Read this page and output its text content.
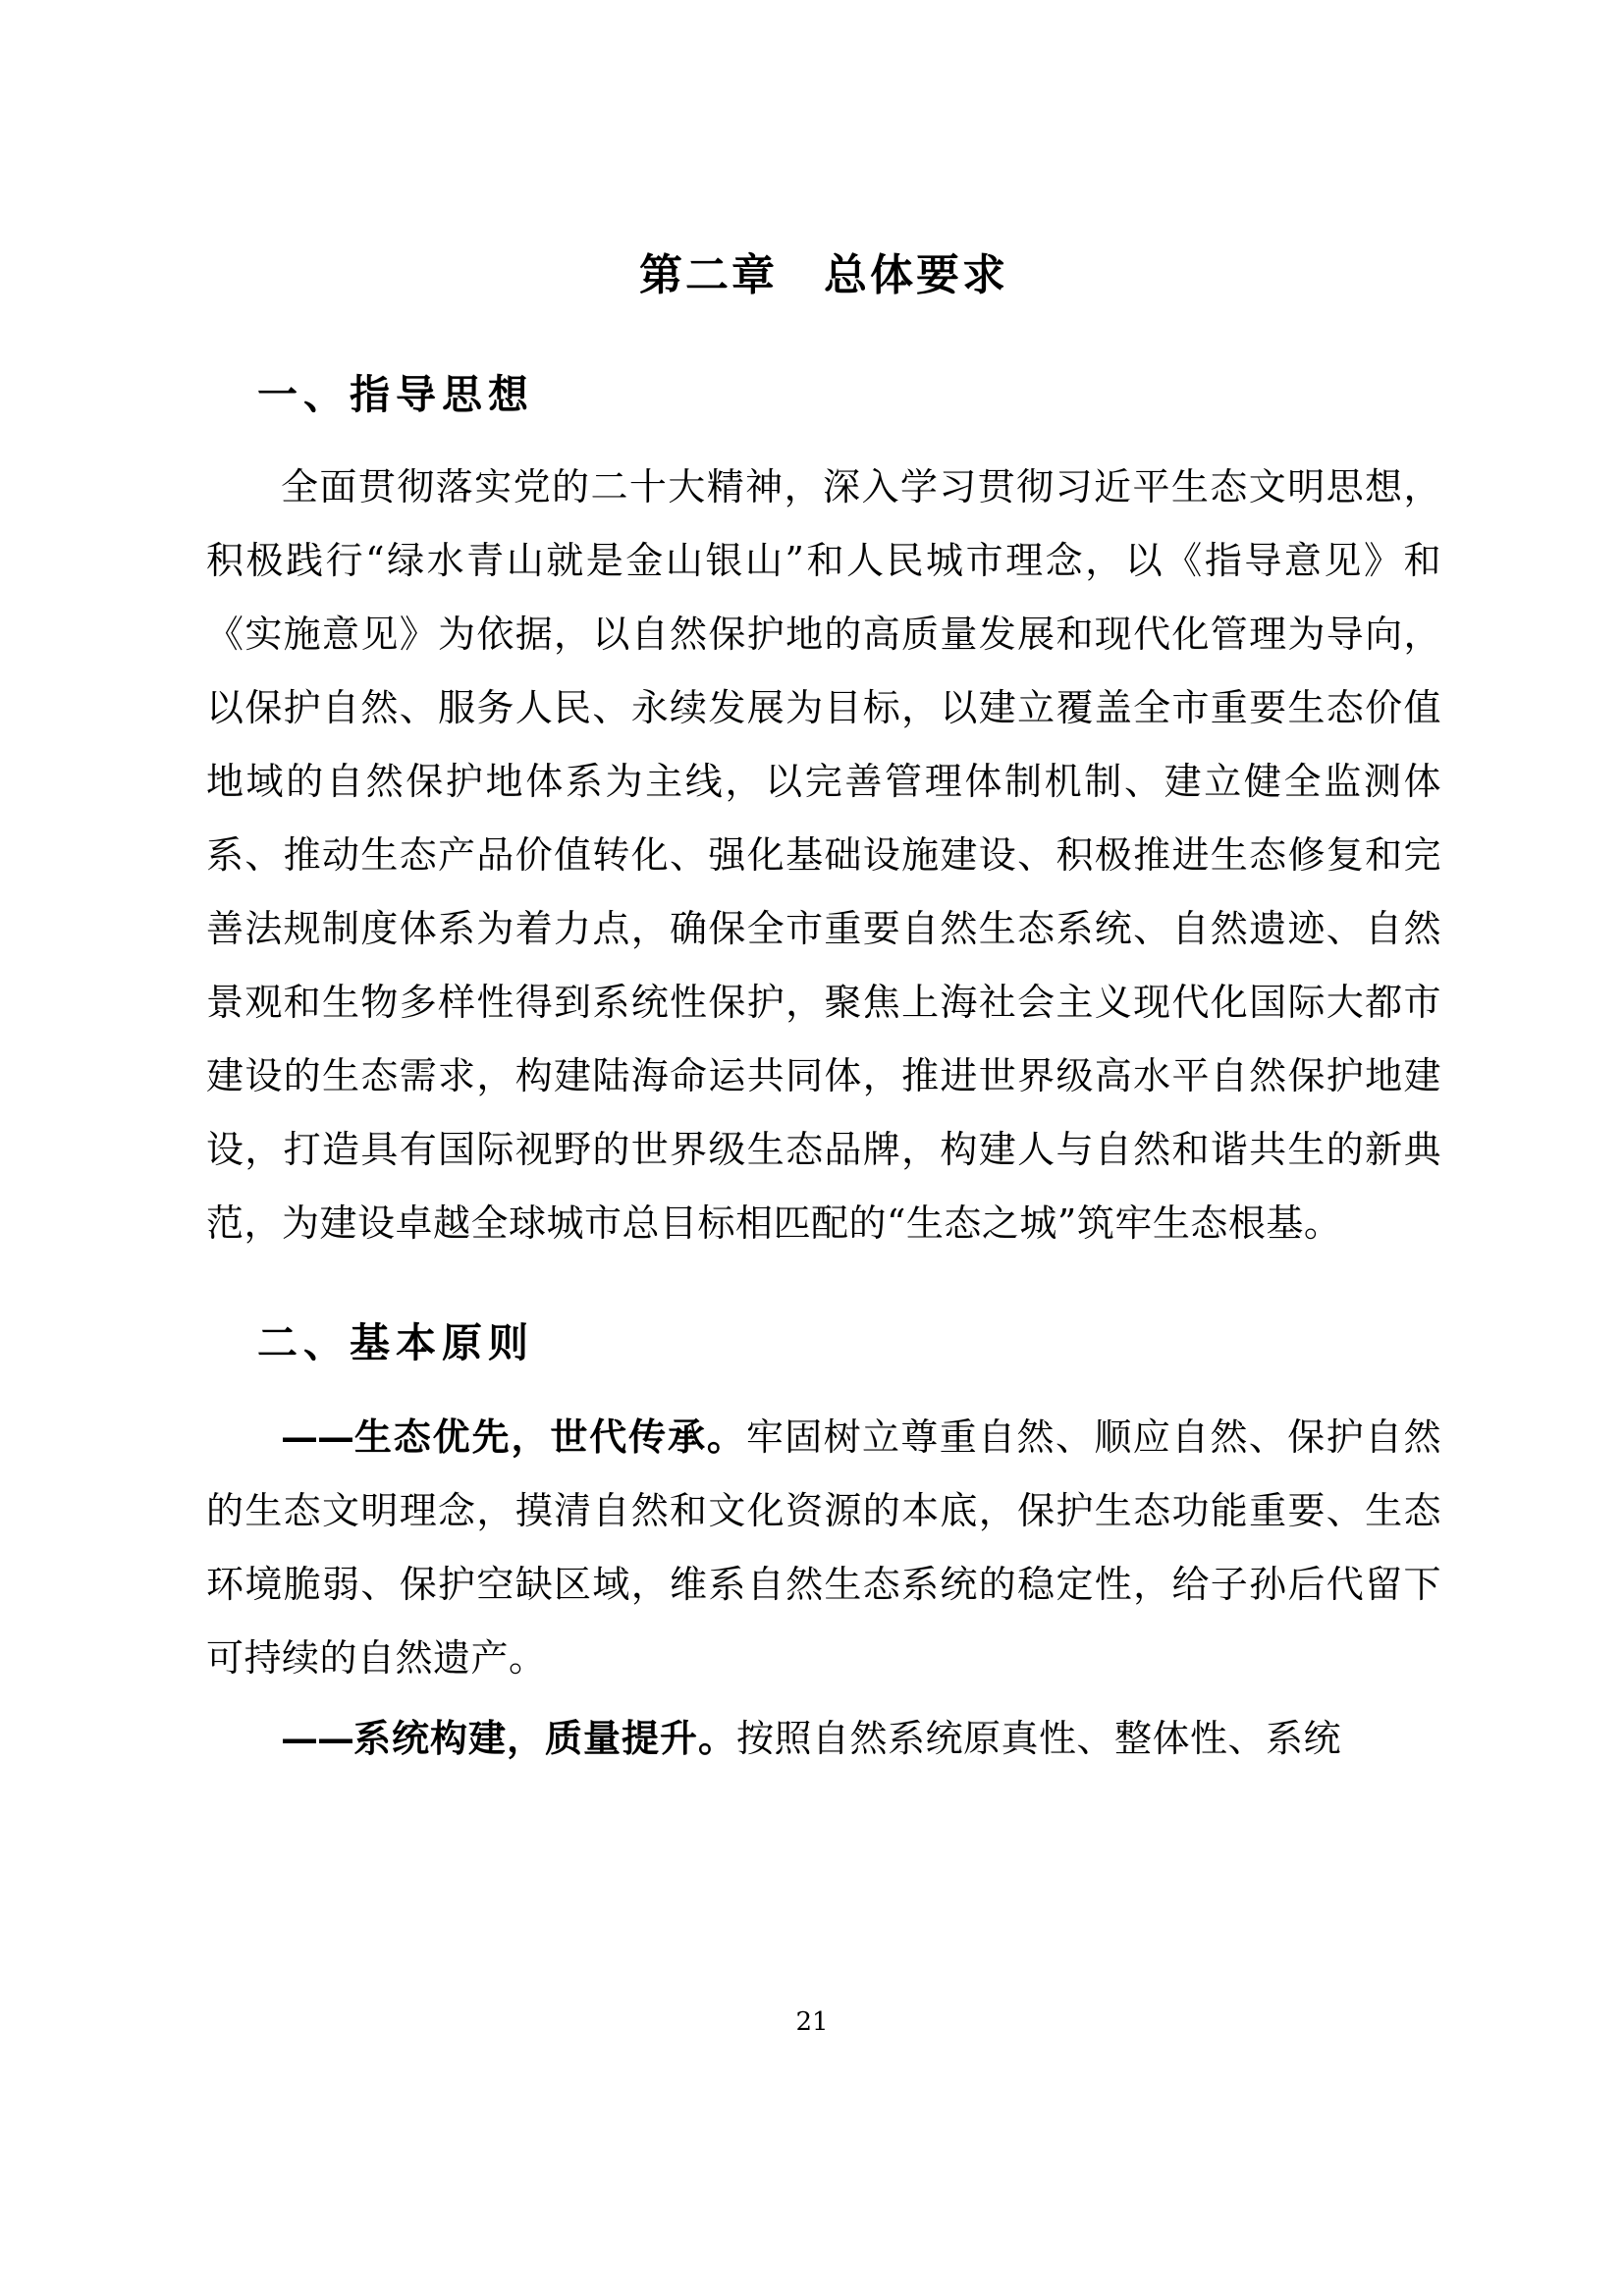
第二章　总体要求
一、指导思想

全面贯彻落实党的二十大精神，深入学习贯彻习近平生态文明思想，积极践行“绿水青山就是金山银山”和人民城市理念，以《指导意见》和《实施意见》为依据，以自然保护地的高质量发展和现代化管理为导向，以保护自然、服务人民、永续发展为目标，以建立覆盖全市重要生态价值地域的自然保护地体系为主线，以完善管理体制机制、建立健全监测体系、推动生态产品价值转化、强化基础设施建设、积极推进生态修复和完善法规制度体系为着力点，确保全市重要自然生态系统、自然遗迹、自然景观和生物多样性得到系统性保护，聚焦上海社会主义现代化国际大都市建设的生态需求，构建陆海命运共同体，推进世界级高水平自然保护地建设，打造具有国际视野的世界级生态品牌，构建人与自然和谐共生的新典范，为建设卓越全球城市总目标相匹配的“生态之城”筑牢生态根基。

二、基本原则

——生态优先，世代传承。牢固树立尊重自然、顺应自然、保护自然的生态文明理念，摸清自然和文化资源的本底，保护生态功能重要、生态环境脆弱、保护空缺区域，维系自然生态系统的稳定性，给子孙后代留下可持续的自然遗产。

——系统构建，质量提升。按照自然系统原真性、整体性、系统

21
